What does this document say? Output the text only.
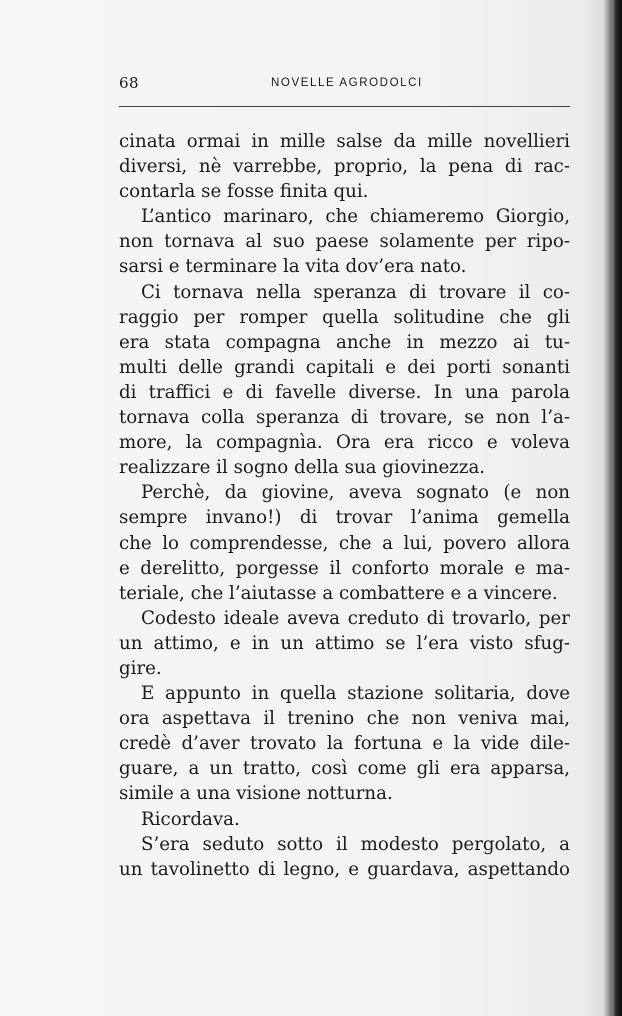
68	NOVELLE AGRODOLCI
cinata ormai in mille salse da mille novellieri
diversi, nè varrebbe, proprio, la pena di rac-
contarla se fosse finita qui.
L’antico marinaro, che chiameremo Giorgio,
non tornava al suo paese solamente per ripo-
sarsi e terminare la vita dov’era nato.
Ci tornava nella speranza di trovare il co-
raggio per romper quella solitudine che gli
era stata compagna anche in mezzo ai tu-
multi delle grandi capitali e dei porti sonanti
di traffici e di favelle diverse. In una parola
tornava colla speranza di trovare, se non l’a-
more, la compagnìa. Ora era ricco e voleva
realizzare il sogno della sua giovinezza.
Perchè, da giovine, aveva sognato (e non
sempre invano!) di trovar l’anima gemella
che lo comprendesse, che a lui, povero allora
e derelitto, porgesse il conforto morale e ma-
teriale, che l’aiutasse a combattere e a vincere.
Codesto ideale aveva creduto di trovarlo, per
un attimo, e in un attimo se l’era visto sfug-
gire.
E appunto in quella stazione solitaria, dove
ora aspettava il trenino che non veniva mai,
credè d’aver trovato la fortuna e la vide dile-
guare, a un tratto, così come gli era apparsa,
simile a una visione notturna.
Ricordava.
S’era seduto sotto il modesto pergolato, a
un tavolinetto di legno, e guardava, aspettando
